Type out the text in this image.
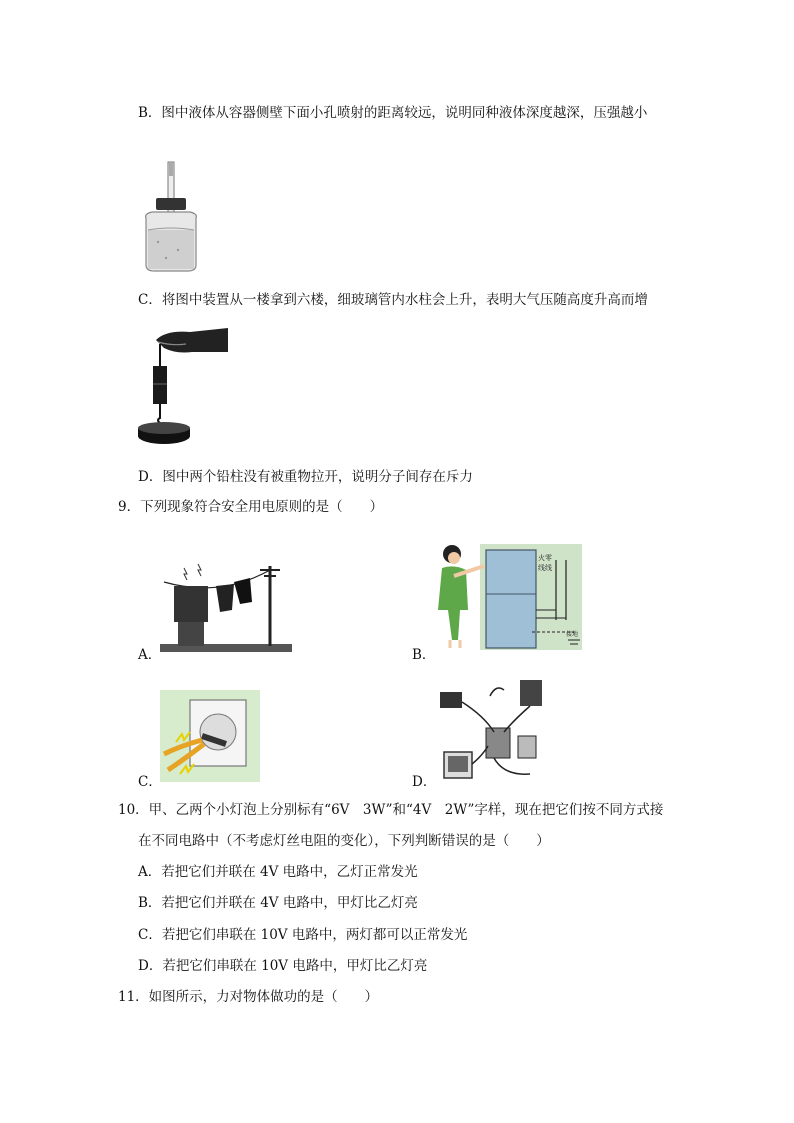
B．图中液体从容器侧壁下面小孔喷射的距离较远，说明同种液体深度越深，压强越小
C．将图中装置从一楼拿到六楼，细玻璃管内水柱会上升，表明大气压随高度升高而增
D．图中两个铅柱没有被重物拉开，说明分子间存在斥力
9．下列现象符合安全用电原则的是（　　）
A．
火零
线线
接地
B．
C．	D．
10．甲、乙两个小灯泡上分别标有“6V　3W”和“4V　2W”字样，现在把它们按不同方式接
在不同电路中（不考虑灯丝电阻的变化），下列判断错误的是（　　）
A．若把它们并联在 4V 电路中，乙灯正常发光
B．若把它们并联在 4V 电路中，甲灯比乙灯亮
C．若把它们串联在 10V 电路中，两灯都可以正常发光
D．若把它们串联在 10V 电路中，甲灯比乙灯亮
11．如图所示，力对物体做功的是（　　）
